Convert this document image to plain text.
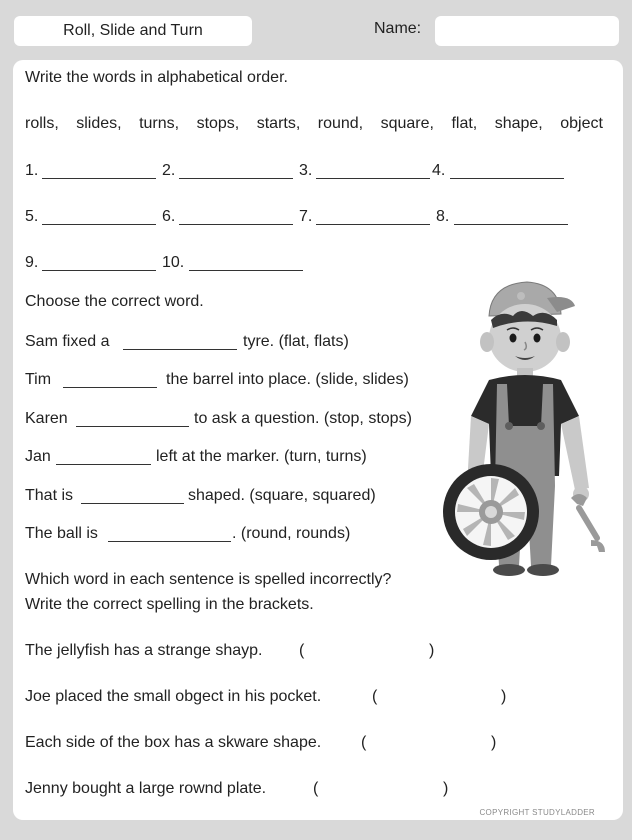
Roll, Slide and Turn	Name:
Write the words in alphabetical order.
rolls, slides, turns, stops, starts, round, square, flat, shape, object
1.	2.	3.	4.
5.	6.	7.	8.
9.	10.
Choose the correct word.
Sam fixed a	tyre. (flat, flats)
Tim	the barrel into place. (slide, slides)
Karen	to ask a question. (stop, stops)
Jan	left at the marker. (turn, turns)
That is	shaped. (square, squared)
The ball is	. (round, rounds)
Which word in each sentence is spelled incorrectly?
Write the correct spelling in the brackets.
The jellyfish has a strange shayp. (	)
Joe placed the small obgect in his pocket.	(	)
Each side of the box has a skware shape. (	)
Jenny bought a large rownd plate.	(	)
COPYRIGHT STUDYLADDER
